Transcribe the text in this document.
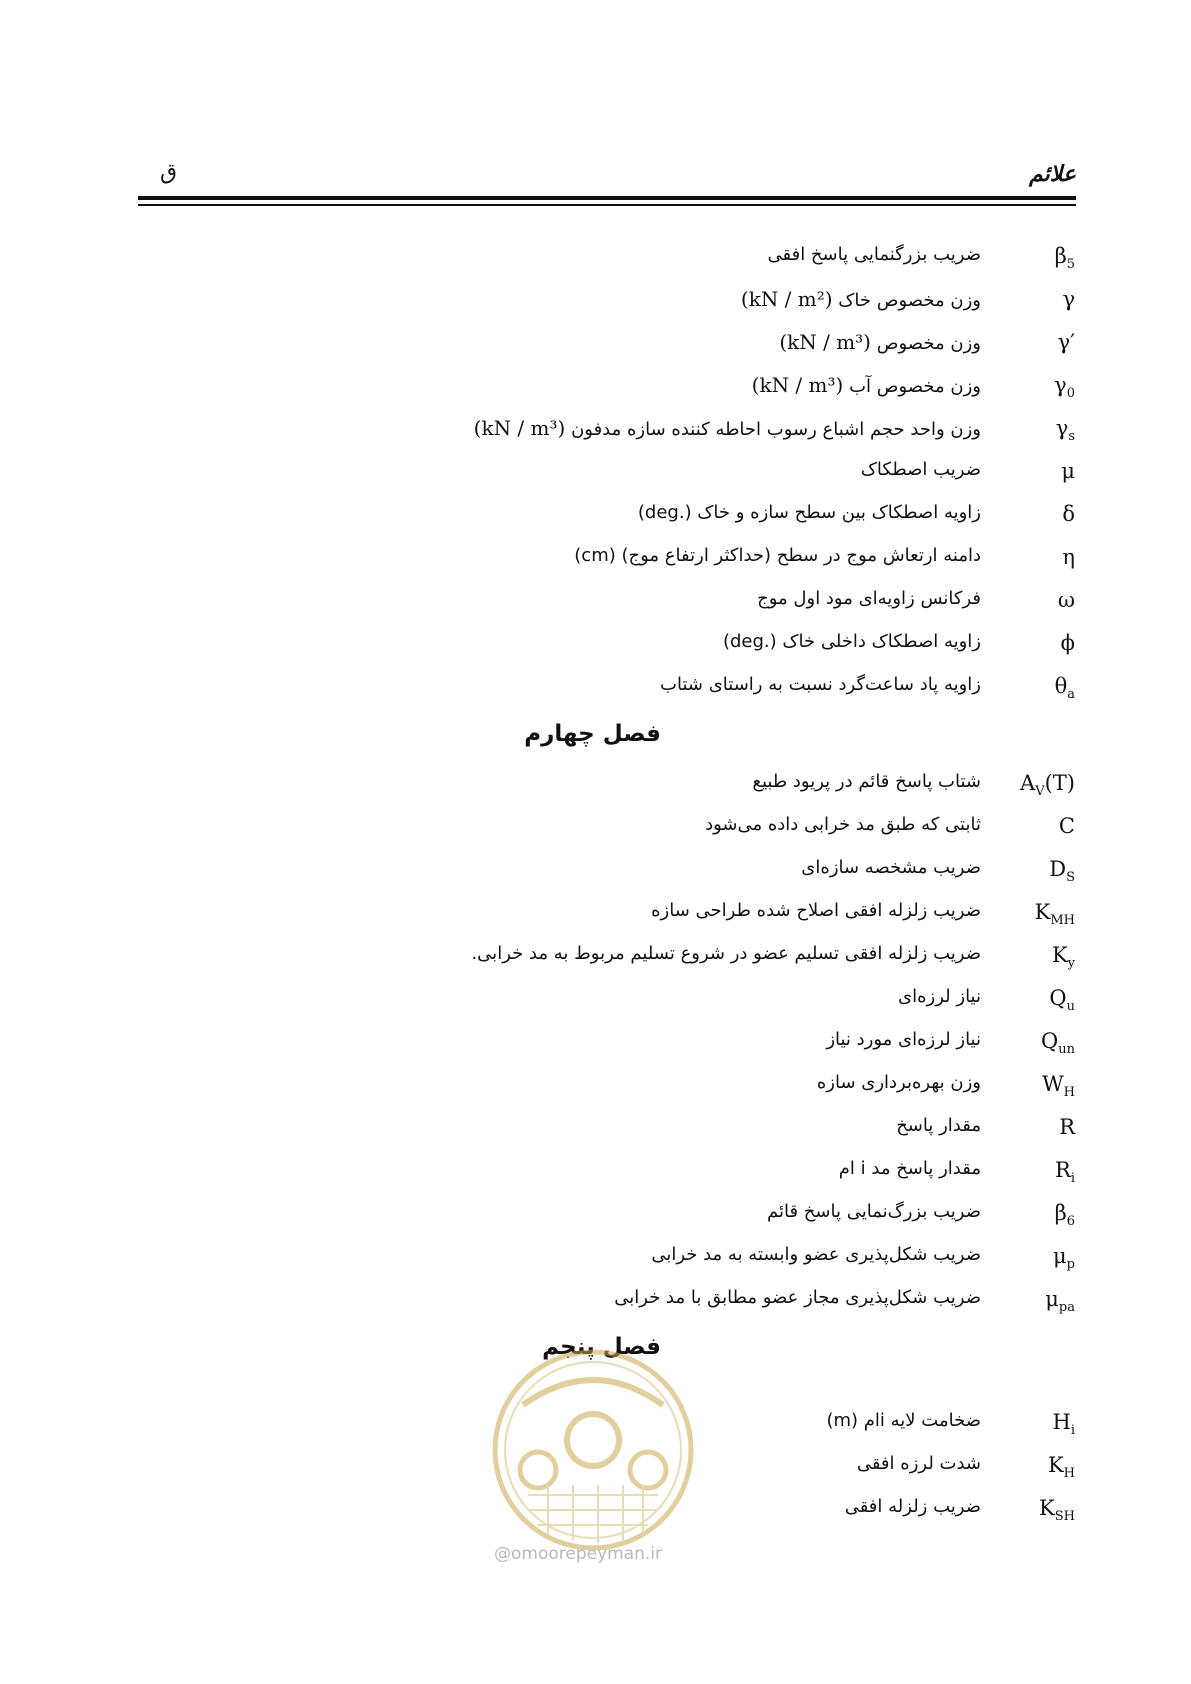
علائم
ق
$\beta_5$
ضریب بزرگنمایی پاسخ افقی
γ
وزن مخصوص خاک (kN / m²)
γ′
وزن مخصوص (kN / m³)
$\gamma_0$
وزن مخصوص آب (kN / m³)
$\gamma_s$
وزن واحد حجم اشباع رسوب احاطه کننده سازه مدفون (kN / m³)
μ
ضریب اصطکاک
δ
زاویه اصطکاک بین سطح سازه و خاک (.deg)
η
دامنه ارتعاش موج در سطح (حداکثر ارتفاع موج) (cm)
ω
فرکانس زاویه‌ای مود اول موج
ϕ
زاویه اصطکاک داخلی خاک (.deg)
$\theta_a$
زاویه پاد ساعت‌گرد نسبت به راستای شتاب
فصل چهارم
$A_V(T)$
شتاب پاسخ قائم در پریود طبیع
C
ثابتی که طبق مد خرابی داده می‌شود
$D_S$
ضریب مشخصه سازه‌ای
$K_{MH}$
ضریب زلزله افقی اصلاح شده طراحی سازه
$K_y$
ضریب زلزله افقی تسلیم عضو در شروع تسلیم مربوط به مد خرابی.
$Q_u$
نیاز لرزه‌ای
$Q_{un}$
نیاز لرزه‌ای مورد نیاز
$W_H$
وزن بهره‌برداری سازه
R
مقدار پاسخ
$R_i$
مقدار پاسخ مد i ام
$\beta_6$
ضریب بزرگ‌نمایی پاسخ قائم
$\mu_p$
ضریب شکل‌پذیری عضو وابسته به مد خرابی
$\mu_{pa}$
ضریب شکل‌پذیری مجاز عضو مطابق با مد خرابی
فصل پنجم
$H_i$
ضخامت لایه iام (m)
$K_H$
شدت لرزه افقی
$K_{SH}$
ضریب زلزله افقی
@omoorepeyman.ir
